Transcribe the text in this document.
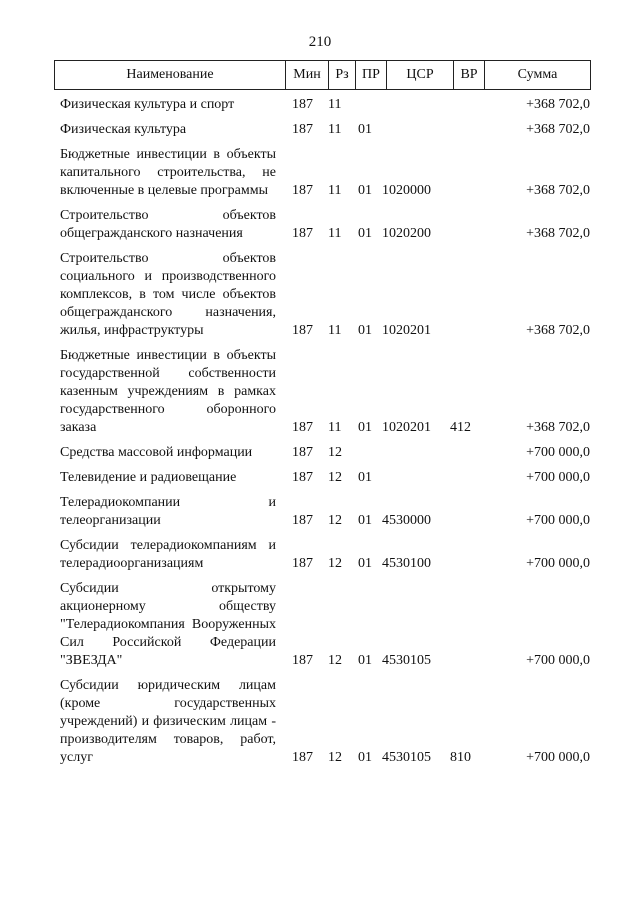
210
Наименование	Мин	Рз ПР	ЦСР	ВР	Сумма
Физическая культура и спорт	187 11	+368 702,0
Физическая культура	187 11 01	+368 702,0
Бюджетные инвестиции в объекты капитального строительства, не включенные в целевые программы	187 11 01 1020000	+368 702,0
Строительство объектов общегражданского назначения	187 11 01 1020200	+368 702,0
Строительство объектов социального и производственного комплексов, в том числе объектов общегражданского назначения, жилья, инфраструктуры	187 11 01 1020201	+368 702,0
Бюджетные инвестиции в объекты государственной собственности казенным учреждениям в рамках государственного оборонного заказа	187 11 01 1020201 412	+368 702,0
Средства массовой информации	187 12	+700 000,0
Телевидение и радиовещание	187 12 01	+700 000,0
Телерадиокомпании и телеорганизации	187 12 01 4530000	+700 000,0
Субсидии телерадиокомпаниям и телерадиоорганизациям	187 12 01 4530100	+700 000,0
Субсидии открытому акционерному обществу "Телерадиокомпания Вооруженных Сил Российской Федерации "ЗВЕЗДА"	187 12 01 4530105	+700 000,0
Субсидии юридическим лицам (кроме государственных учреждений) и физическим лицам - производителям товаров, работ, услуг	187 12 01 4530105 810	+700 000,0
